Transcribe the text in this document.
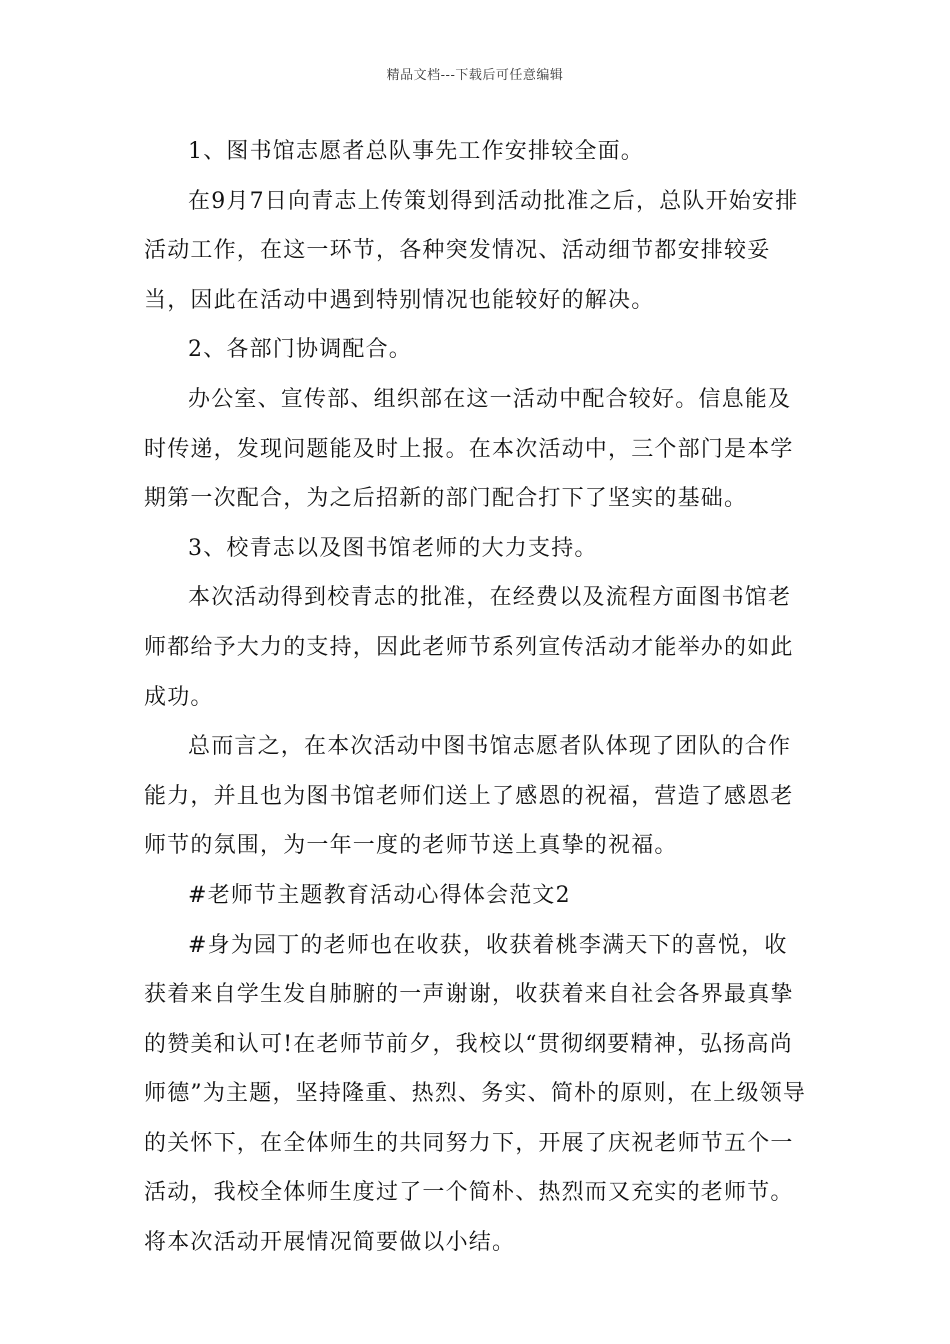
精品文档---下载后可任意编辑

1、图书馆志愿者总队事先工作安排较全面。

在9月7日向青志上传策划得到活动批准之后，总队开始安排活动工作，在这一环节，各种突发情况、活动细节都安排较妥当，因此在活动中遇到特别情况也能较好的解决。

2、各部门协调配合。

办公室、宣传部、组织部在这一活动中配合较好。信息能及时传递，发现问题能及时上报。在本次活动中，三个部门是本学期第一次配合，为之后招新的部门配合打下了坚实的基础。

3、校青志以及图书馆老师的大力支持。

本次活动得到校青志的批准，在经费以及流程方面图书馆老师都给予大力的支持，因此老师节系列宣传活动才能举办的如此成功。

总而言之，在本次活动中图书馆志愿者队体现了团队的合作能力，并且也为图书馆老师们送上了感恩的祝福，营造了感恩老师节的氛围，为一年一度的老师节送上真挚的祝福。

#老师节主题教育活动心得体会范文2

#身为园丁的老师也在收获，收获着桃李满天下的喜悦，收获着来自学生发自肺腑的一声谢谢，收获着来自社会各界最真挚的赞美和认可!在老师节前夕，我校以“贯彻纲要精神，弘扬高尚师德”为主题，坚持隆重、热烈、务实、简朴的原则，在上级领导的关怀下，在全体师生的共同努力下，开展了庆祝老师节五个一活动，我校全体师生度过了一个简朴、热烈而又充实的老师节。将本次活动开展情况简要做以小结。
